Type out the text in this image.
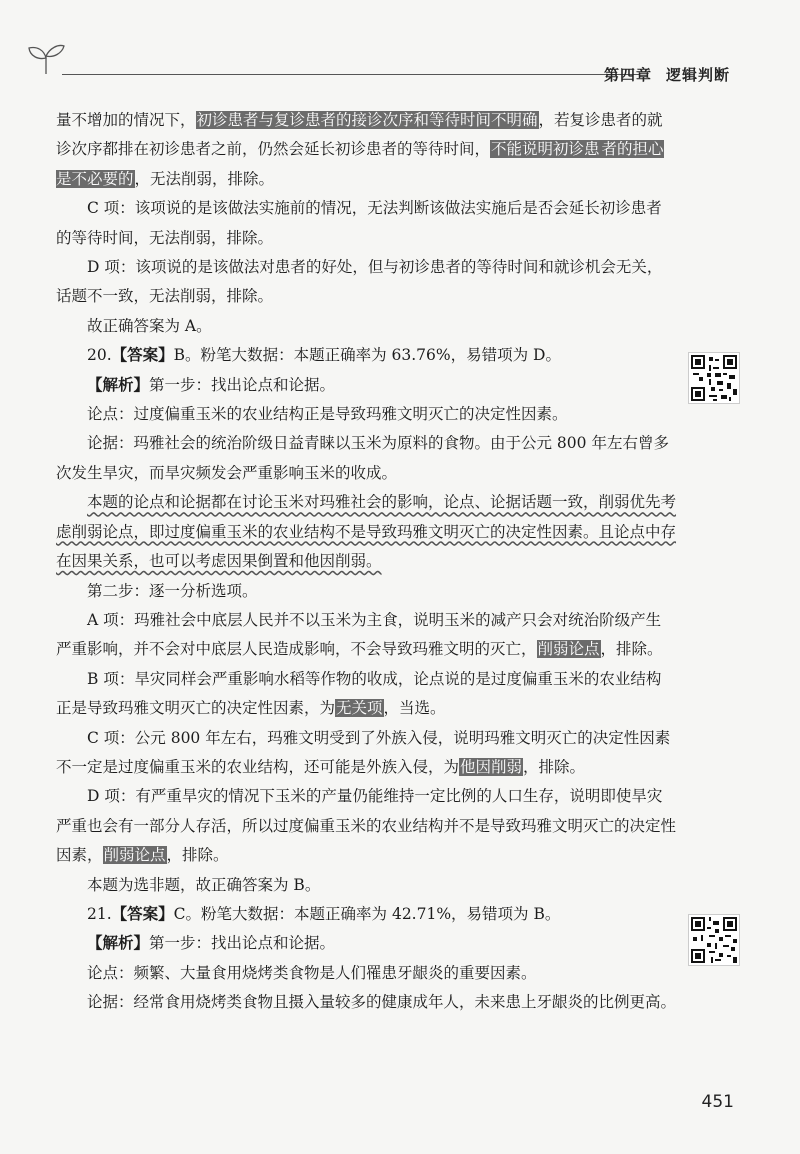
第四章 逻辑判断

量不增加的情况下，初诊患者与复诊患者的接诊次序和等待时间不明确，若复诊患者的就诊次序都排在初诊患者之前，仍然会延长初诊患者的等待时间，不能说明初诊患 者的担心是不必要的，无法削弱，排除。

C 项：该项说的是该做法实施前的情况，无法判断该做法实施后是否会延长初诊患者的等待时间，无法削弱，排除。

D 项：该项说的是该做法对患者的好处，但与初诊患者的等待时间和就诊机会无关，话题不一致，无法削弱，排除。

故正确答案为 A。

20.【答案】B。粉笔大数据：本题正确率为 63.76%，易错项为 D。

【解析】第一步：找出论点和论据。

论点：过度偏重玉米的农业结构正是导致玛雅文明灭亡的决定性因素。

论据：玛雅社会的统治阶级日益青睐以玉米为原料的食物。由于公元 800 年左右曾多次发生旱灾，而旱灾频发会严重影响玉米的收成。

本题的论点和论据都在讨论玉米对玛雅社会的影响，论点、论据话题一致，削弱优先考虑削弱论点，即过度偏重玉米的农业结构不是导致玛雅文明灭亡的决定性因素。且论点中存在因果关系，也可以考虑因果倒置和他因削弱。

第二步：逐一分析选项。

A 项：玛雅社会中底层人民并不以玉米为主食，说明玉米的减产只会对统治阶级产生严重影响，并不会对中底层人民造成影响，不会导致玛雅文明的灭亡，削弱论点，排除。

B 项：旱灾同样会严重影响水稻等作物的收成，论点说的是过度偏重玉米的农业结构正是导致玛雅文明灭亡的决定性因素，为无关项，当选。

C 项：公元 800 年左右，玛雅文明受到了外族入侵，说明玛雅文明灭亡的决定性因素不一定是过度偏重玉米的农业结构，还可能是外族入侵，为他因削弱，排除。

D 项：有严重旱灾的情况下玉米的产量仍能维持一定比例的人口生存，说明即使旱灾严重也会有一部分人存活，所以过度偏重玉米的农业结构并不是导致玛雅文明灭亡的决定性因素，削弱论点，排除。

本题为选非题，故正确答案为 B。

21.【答案】C。粉笔大数据：本题正确率为 42.71%，易错项为 B。

【解析】第一步：找出论点和论据。

论点：频繁、大量食用烧烤类食物是人们罹患牙龈炎的重要因素。

论据：经常食用烧烤类食物且摄入量较多的健康成年人，未来患上牙龈炎的比例更高。

451
